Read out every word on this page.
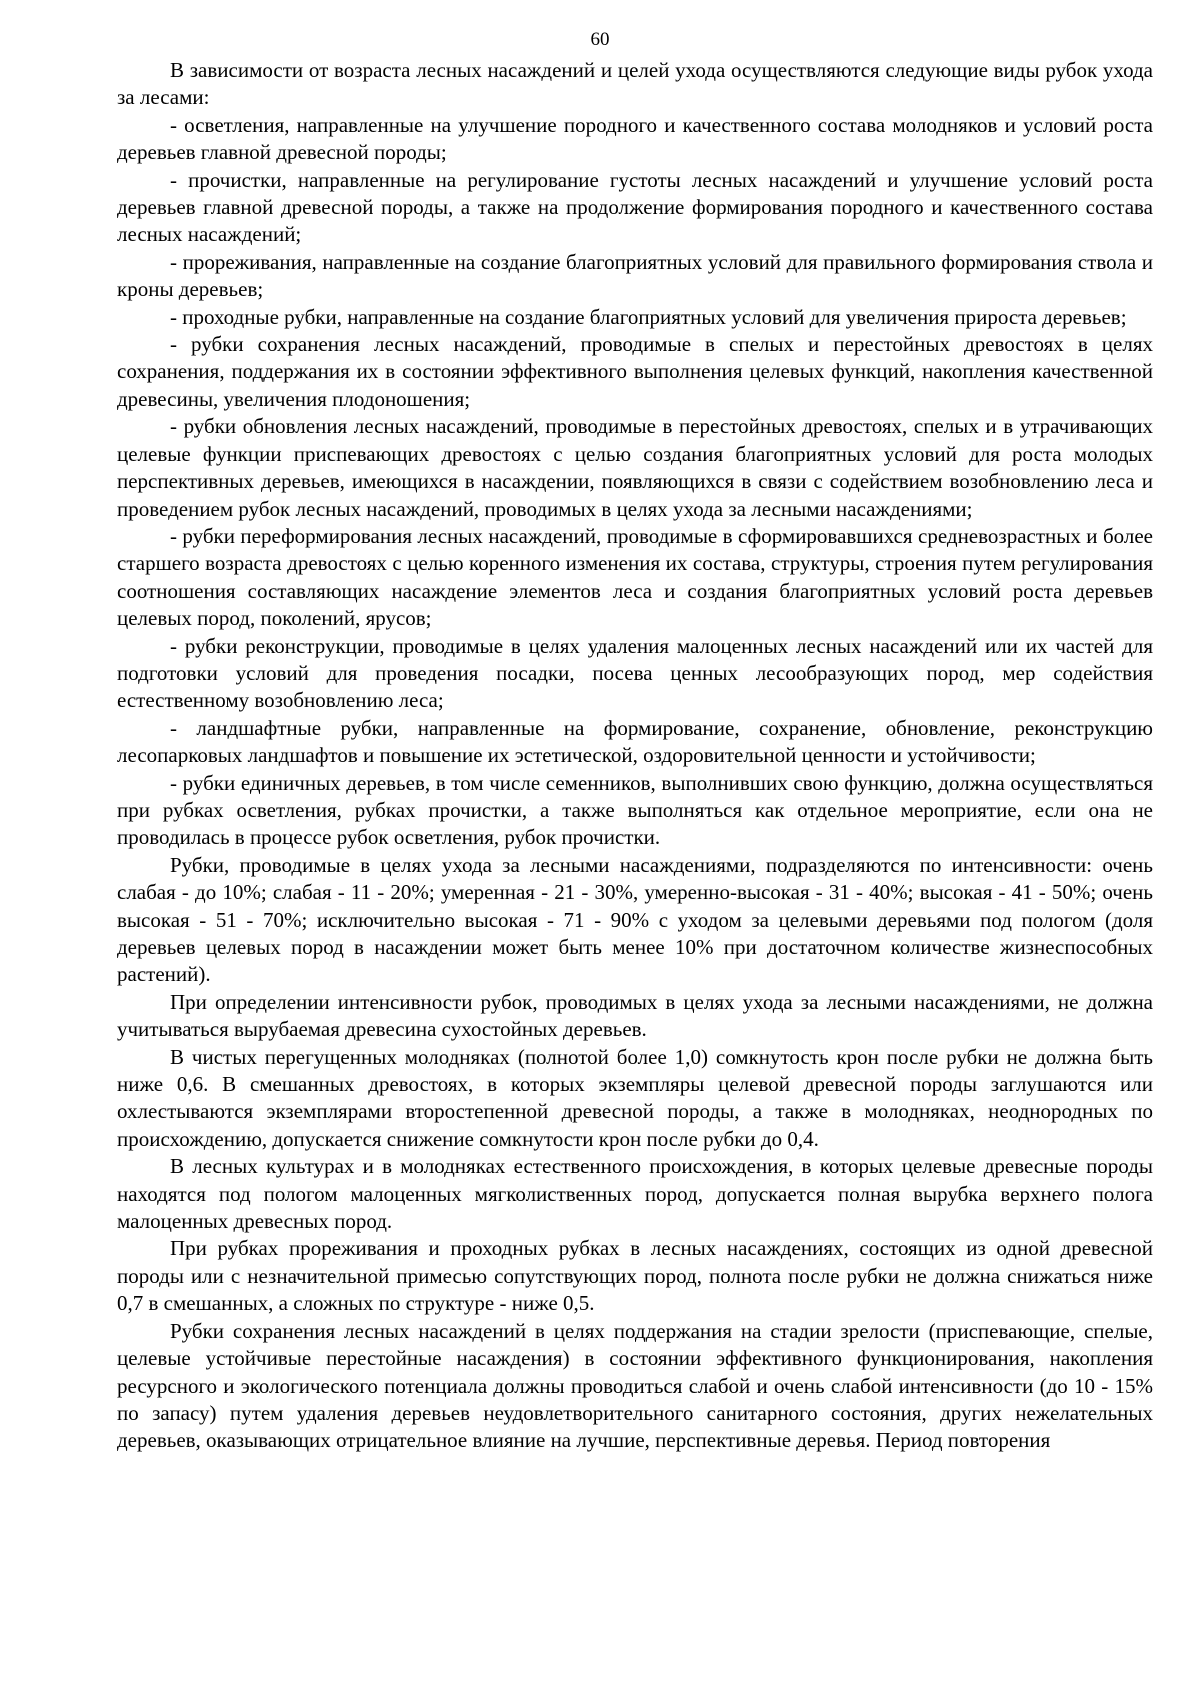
60

В зависимости от возраста лесных насаждений и целей ухода осуществляются следующие виды рубок ухода за лесами:

- осветления, направленные на улучшение породного и качественного состава молодняков и условий роста деревьев главной древесной породы;

- прочистки, направленные на регулирование густоты лесных насаждений и улучшение условий роста деревьев главной древесной породы, а также на продолжение формирования породного и качественного состава лесных насаждений;

- прореживания, направленные на создание благоприятных условий для правильного формирования ствола и кроны деревьев;

- проходные рубки, направленные на создание благоприятных условий для увеличения прироста деревьев;

- рубки сохранения лесных насаждений, проводимые в спелых и перестойных древостоях в целях сохранения, поддержания их в состоянии эффективного выполнения целевых функций, накопления качественной древесины, увеличения плодоношения;

- рубки обновления лесных насаждений, проводимые в перестойных древостоях, спелых и в утрачивающих целевые функции приспевающих древостоях с целью создания благоприятных условий для роста молодых перспективных деревьев, имеющихся в насаждении, появляющихся в связи с содействием возобновлению леса и проведением рубок лесных насаждений, проводимых в целях ухода за лесными насаждениями;

- рубки переформирования лесных насаждений, проводимые в сформировавшихся средневозрастных и более старшего возраста древостоях с целью коренного изменения их состава, структуры, строения путем регулирования соотношения составляющих насаждение элементов леса и создания благоприятных условий роста деревьев целевых пород, поколений, ярусов;

- рубки реконструкции, проводимые в целях удаления малоценных лесных насаждений или их частей для подготовки условий для проведения посадки, посева ценных лесообразующих пород, мер содействия естественному возобновлению леса;

- ландшафтные рубки, направленные на формирование, сохранение, обновление, реконструкцию лесопарковых ландшафтов и повышение их эстетической, оздоровительной ценности и устойчивости;

- рубки единичных деревьев, в том числе семенников, выполнивших свою функцию, должна осуществляться при рубках осветления, рубках прочистки, а также выполняться как отдельное мероприятие, если она не проводилась в процессе рубок осветления, рубок прочистки.

Рубки, проводимые в целях ухода за лесными насаждениями, подразделяются по интенсивности: очень слабая - до 10%; слабая - 11 - 20%; умеренная - 21 - 30%, умеренно-высокая - 31 - 40%; высокая - 41 - 50%; очень высокая - 51 - 70%; исключительно высокая - 71 - 90% с уходом за целевыми деревьями под пологом (доля деревьев целевых пород в насаждении может быть менее 10% при достаточном количестве жизнеспособных растений).

При определении интенсивности рубок, проводимых в целях ухода за лесными насаждениями, не должна учитываться вырубаемая древесина сухостойных деревьев.

В чистых перегущенных молодняках (полнотой более 1,0) сомкнутость крон после рубки не должна быть ниже 0,6. В смешанных древостоях, в которых экземпляры целевой древесной породы заглушаются или охлестываются экземплярами второстепенной древесной породы, а также в молодняках, неоднородных по происхождению, допускается снижение сомкнутости крон после рубки до 0,4.

В лесных культурах и в молодняках естественного происхождения, в которых целевые древесные породы находятся под пологом малоценных мягколиственных пород, допускается полная вырубка верхнего полога малоценных древесных пород.

При рубках прореживания и проходных рубках в лесных насаждениях, состоящих из одной древесной породы или с незначительной примесью сопутствующих пород, полнота после рубки не должна снижаться ниже 0,7 в смешанных, а сложных по структуре - ниже 0,5.

Рубки сохранения лесных насаждений в целях поддержания на стадии зрелости (приспевающие, спелые, целевые устойчивые перестойные насаждения) в состоянии эффективного функционирования, накопления ресурсного и экологического потенциала должны проводиться слабой и очень слабой интенсивности (до 10 - 15% по запасу) путем удаления деревьев неудовлетворительного санитарного состояния, других нежелательных деревьев, оказывающих отрицательное влияние на лучшие, перспективные деревья. Период повторения
